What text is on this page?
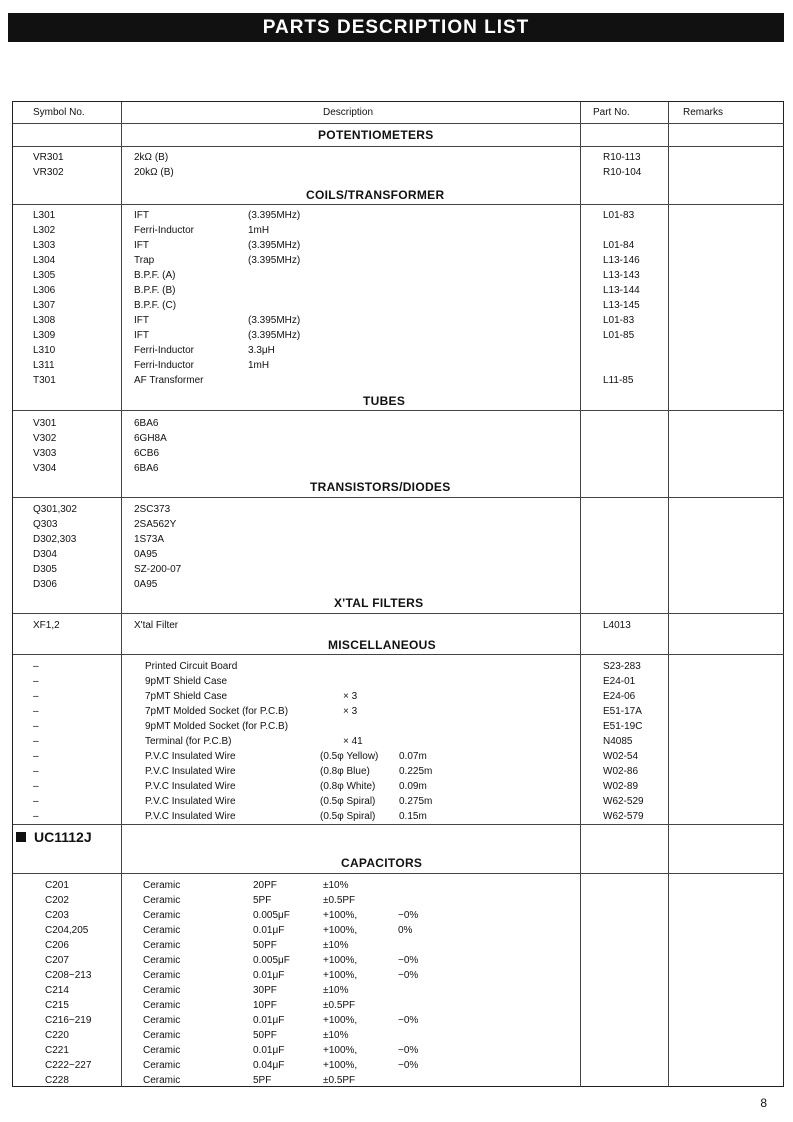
PARTS DESCRIPTION LIST
Symbol No.	Description	Part No.	Remarks
POTENTIOMETERS
VR301	2kΩ (B)	R10-113
VR302	20kΩ (B)	R10-104
COILS/TRANSFORMER
L301	IFT	(3.395MHz)	L01-83
L302	Ferri-Inductor	1mH
L303	IFT	(3.395MHz)	L01-84
L304	Trap	(3.395MHz)	L13-146
L305	B.P.F. (A)	L13-143
L306	B.P.F. (B)	L13-144
L307	B.P.F. (C)	L13-145
L308	IFT	(3.395MHz)	L01-83
L309	IFT	(3.395MHz)	L01-85
L310	Ferri-Inductor	3.3μH
L311	Ferri-Inductor	1mH
T301	AF Transformer	L11-85
TUBES
V301	6BA6
V302	6GH8A
V303	6CB6
V304	6BA6
TRANSISTORS/DIODES
Q301,302	2SC373
Q303	2SA562Y
D302,303	1S73A
D304	0A95
D305	SZ-200-07
D306	0A95
X'TAL FILTERS
XF1,2	X'tal Filter	L4013
MISCELLANEOUS
–	Printed Circuit Board	S23-283
–	9pMT Shield Case	E24-01
–	7pMT Shield Case	× 3	E24-06
–	7pMT Molded Socket (for P.C.B)	× 3	E51-17A
–	9pMT Molded Socket (for P.C.B)	E51-19C
–	Terminal (for P.C.B)	× 41	N4085
–	P.V.C Insulated Wire	(0.5φ Yellow) 0.07m	W02-54
–	P.V.C Insulated Wire	(0.8φ Blue)	0.225m	W02-86
–	P.V.C Insulated Wire	(0.8φ White) 0.09m	W02-89
–	P.V.C Insulated Wire	(0.5φ Spiral) 0.275m	W62-529
–	P.V.C Insulated Wire	(0.5φ Spiral) 0.15m	W62-579
CAPACITORS
C201	Ceramic	20PF	±10%
C202	Ceramic	5PF	±0.5PF
C203	Ceramic	0.005μF	+100%,	−0%
C204,205	Ceramic	0.01μF	+100%,	0%
C206	Ceramic	50PF	±10%
C207	Ceramic	0.005μF	+100%,	−0%
C208~213	Ceramic	0.01μF	+100%,	−0%
C214	Ceramic	30PF	±10%
C215	Ceramic	10PF	±0.5PF
C216~219	Ceramic	0.01μF	+100%,	−0%
C220	Ceramic	50PF	±10%
C221	Ceramic	0.01μF	+100%,	−0%
C222~227	Ceramic	0.04μF	+100%,	−0%
C228	Ceramic	5PF	±0.5PF
UC1112J
8
